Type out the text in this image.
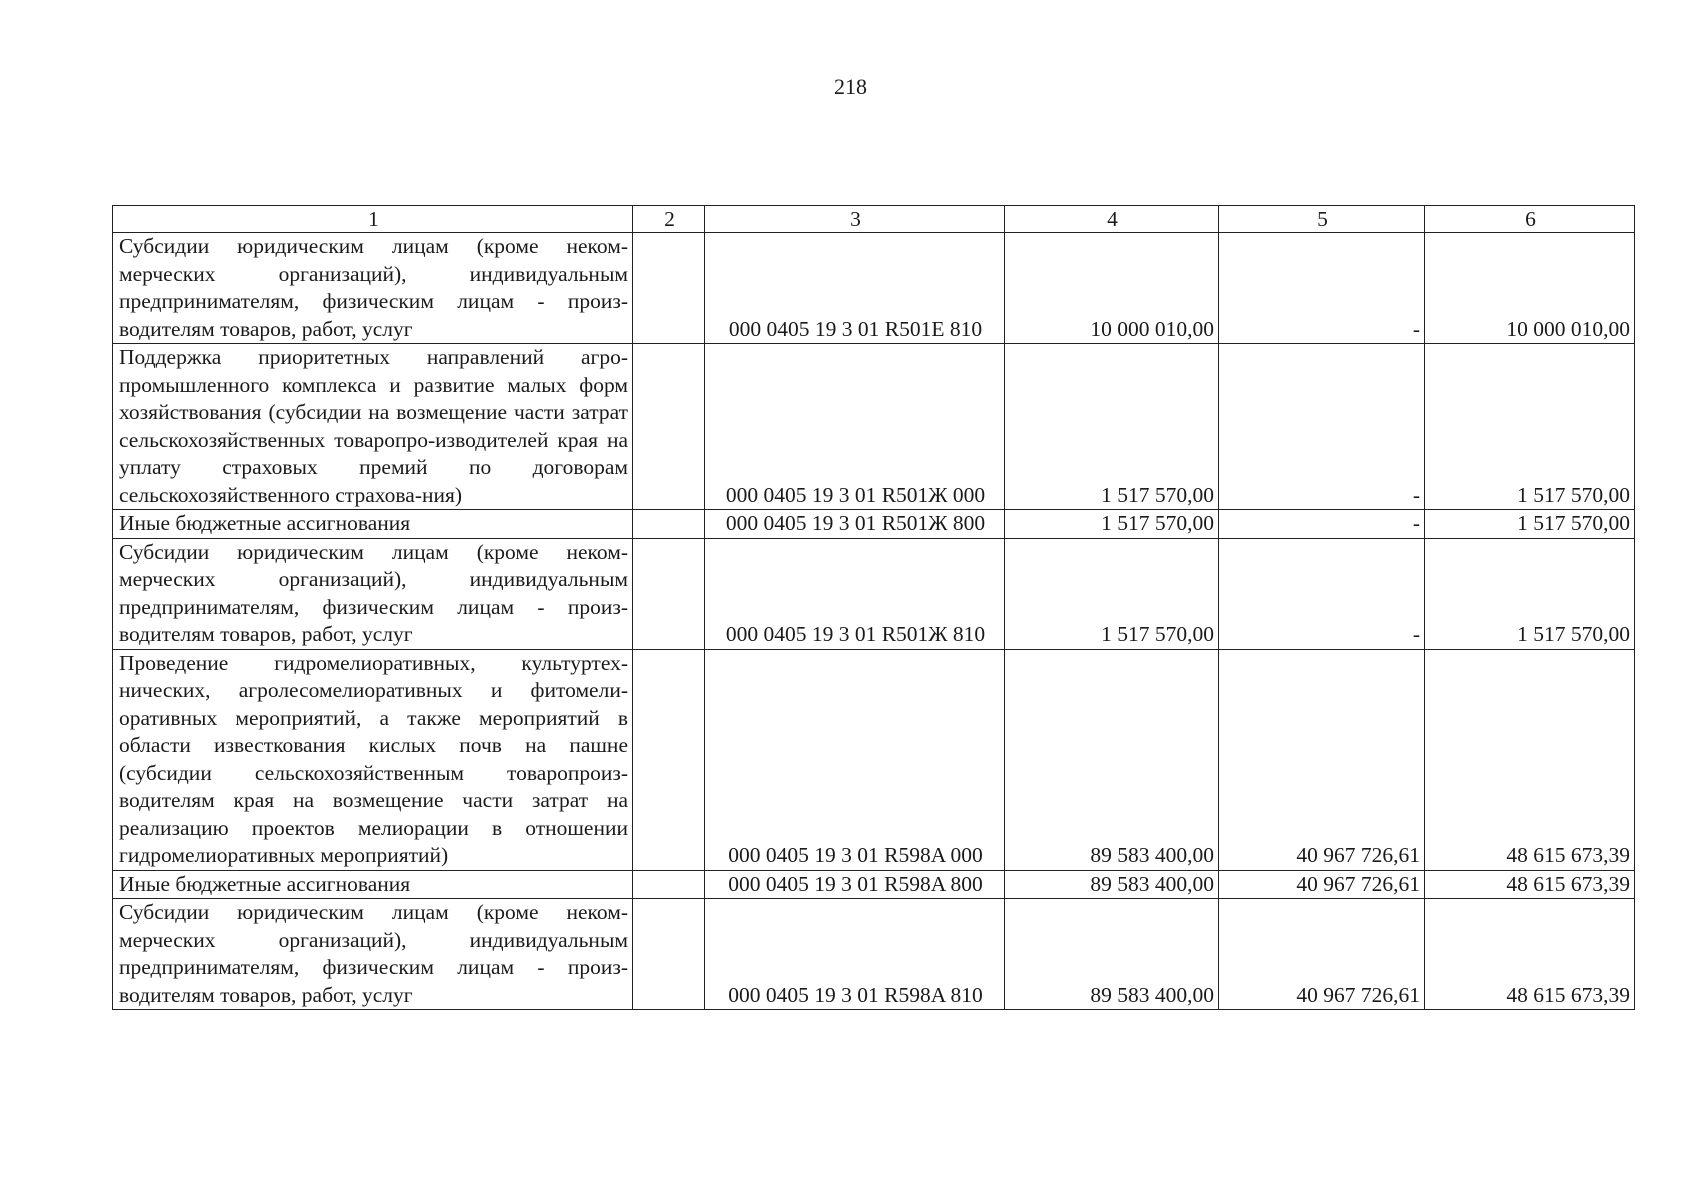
218
1	2	3	4	5	6
Субсидии юридическим лицам (кроме неком-мерческих организаций), индивидуальным предпринимателям, физическим лицам - произ-водителям товаров, работ, услуг		000 0405 19 3 01 R501E 810	10 000 010,00	-	10 000 010,00
Поддержка приоритетных направлений агро-промышленного комплекса и развитие малых форм хозяйствования (субсидии на возмещение части затрат сельскохозяйственных товаропро-изводителей края на уплату страховых премий по договорам сельскохозяйственного страхова-ния)		000 0405 19 3 01 R501Ж 000	1 517 570,00	-	1 517 570,00
Иные бюджетные ассигнования		000 0405 19 3 01 R501Ж 800	1 517 570,00	-	1 517 570,00
Субсидии юридическим лицам (кроме неком-мерческих организаций), индивидуальным предпринимателям, физическим лицам - произ-водителям товаров, работ, услуг		000 0405 19 3 01 R501Ж 810	1 517 570,00	-	1 517 570,00
Проведение гидромелиоративных, культуртех-нических, агролесомелиоративных и фитомели-оративных мероприятий, а также мероприятий в области известкования кислых почв на пашне (субсидии сельскохозяйственным товаропроиз-водителям края на возмещение части затрат на реализацию проектов мелиорации в отношении гидромелиоративных мероприятий)		000 0405 19 3 01 R598A 000	89 583 400,00	40 967 726,61	48 615 673,39
Иные бюджетные ассигнования		000 0405 19 3 01 R598A 800	89 583 400,00	40 967 726,61	48 615 673,39
Субсидии юридическим лицам (кроме неком-мерческих организаций), индивидуальным предпринимателям, физическим лицам - произ-водителям товаров, работ, услуг		000 0405 19 3 01 R598A 810	89 583 400,00	40 967 726,61	48 615 673,39
